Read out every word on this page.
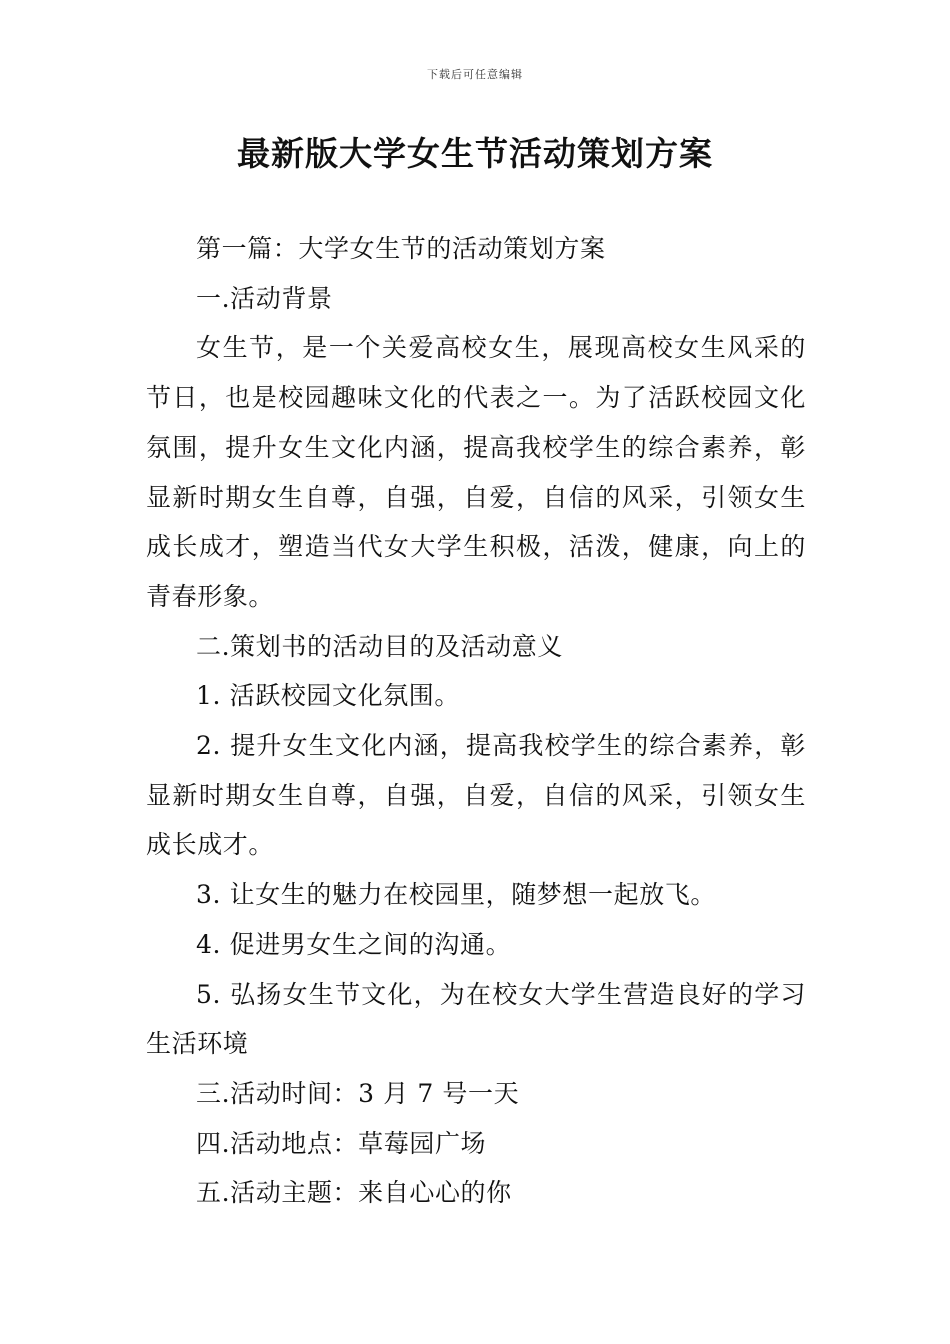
下载后可任意编辑
最新版大学女生节活动策划方案

第一篇：大学女生节的活动策划方案

一.活动背景

女生节，是一个关爱高校女生，展现高校女生风采的节日，也是校园趣味文化的代表之一。为了活跃校园文化氛围，提升女生文化内涵，提高我校学生的综合素养，彰显新时期女生自尊，自强，自爱，自信的风采，引领女生成长成才，塑造当代女大学生积极，活泼，健康，向上的青春形象。

二.策划书的活动目的及活动意义

1. 活跃校园文化氛围。

2. 提升女生文化内涵，提高我校学生的综合素养，彰显新时期女生自尊，自强，自爱，自信的风采，引领女生成长成才。

3. 让女生的魅力在校园里，随梦想一起放飞。

4. 促进男女生之间的沟通。

5. 弘扬女生节文化，为在校女大学生营造良好的学习生活环境

三.活动时间：3 月 7 号一天

四.活动地点：草莓园广场

五.活动主题：来自心心的你
